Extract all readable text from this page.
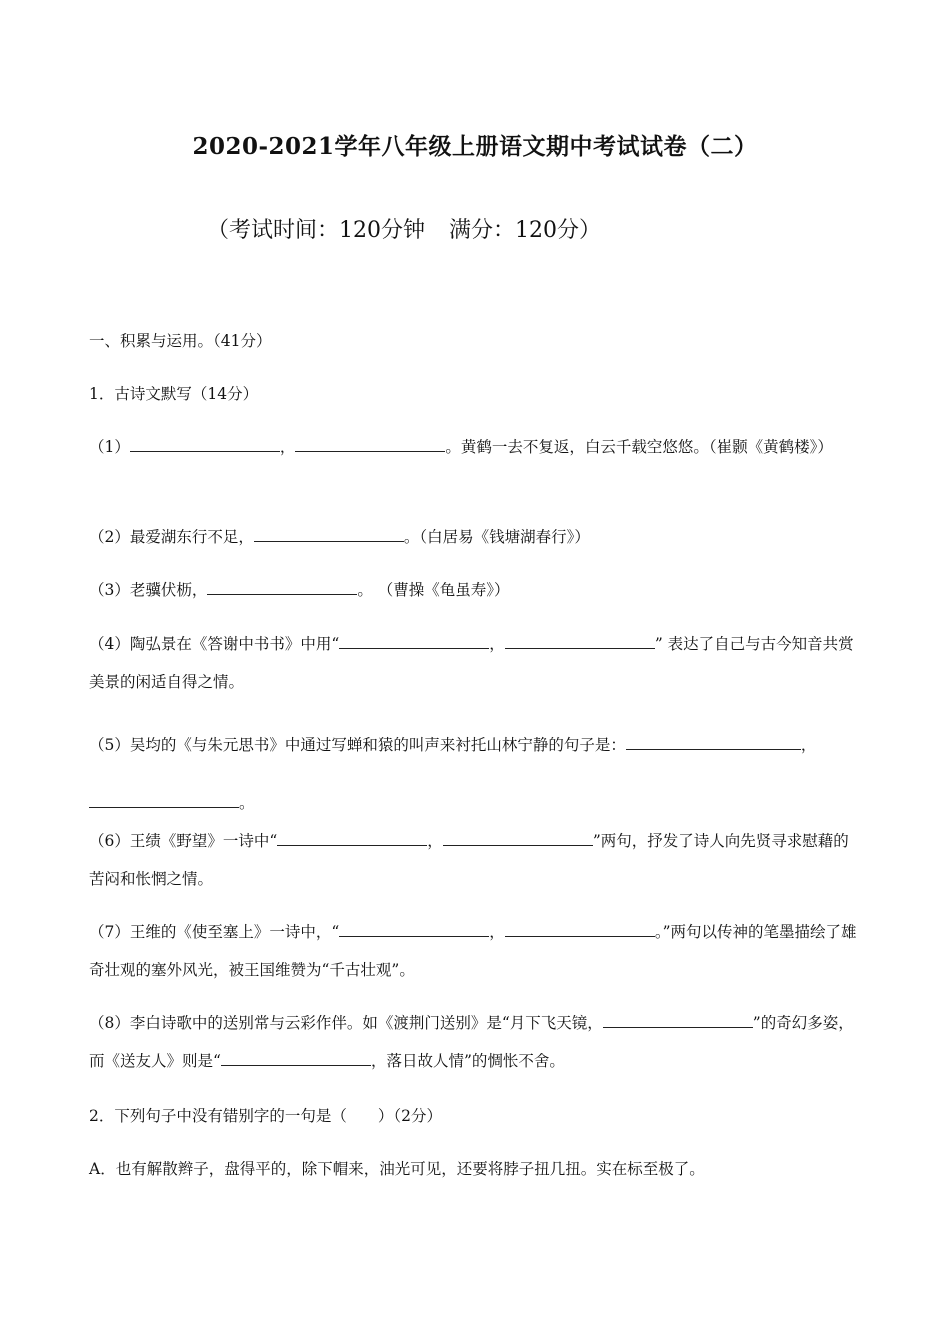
2020-2021学年八年级上册语文期中考试试卷（二）
（考试时间：120分钟 满分：120分）
一、积累与运用。（41分）
1．古诗文默写（14分）
（1）	，	。黄鹤一去不复返，白云千载空悠悠。（崔颢《黄鹤楼》）
（2）最爱湖东行不足，	。（白居易《钱塘湖春行》）
（3）老骥伏枥，	。 （曹操《龟虽寿》）
（4）陶弘景在《答谢中书书》中用“	，	” 表达了自己与古今知音共赏美景的闲适自得之情。
（5）吴均的《与朱元思书》中通过写蝉和猿的叫声来衬托山林宁静的句子是：	，
。
（6）王绩《野望》一诗中“	，	”两句，抒发了诗人向先贤寻求慰藉的苦闷和怅惘之情。
（7）王维的《使至塞上》一诗中，“	，	。”两句以传神的笔墨描绘了雄奇壮观的塞外风光，被王国维赞为“千古壮观”。
（8）李白诗歌中的送别常与云彩作伴。如《渡荆门送别》是“月下飞天镜，	”的奇幻多姿，而《送友人》则是“	，落日故人情”的惆怅不舍。
2．下列句子中没有错别字的一句是（　　）（2分）
A．也有解散辫子，盘得平的，除下帽来，油光可见，还要将脖子扭几扭。实在标至极了。
